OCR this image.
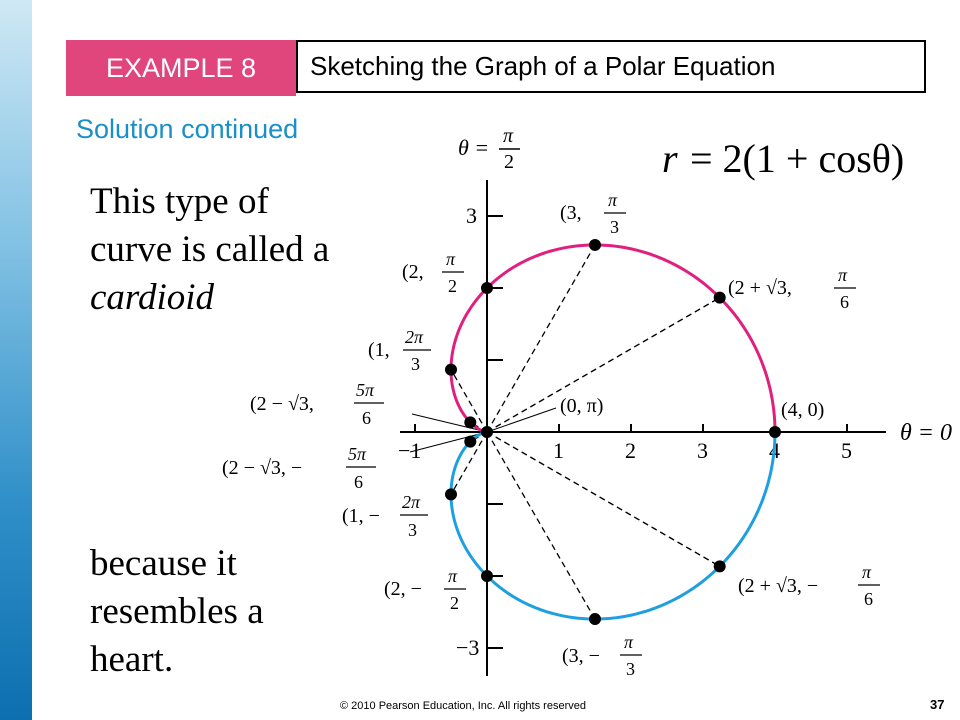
EXAMPLE 8	Sketching the Graph of a Polar Equation
Solution continued
This type of
curve is called a
cardioid
because it
resembles a
heart.
r = 2(1 + cosθ)
−1	1	2	3	4	5
3
−3
θ = 0
θ = π
2
(4, 0)
(2 + √3,
π
6
(3,
π
3
(2,
π
2
(1,
2π
3
(2 − √3,
5π
6
(0, π)
(2 − √3, −
5π
6
(1, −
2π
3
(2, −
π
2
(3, −
π
3
(2 + √3, −
π
6
© 2010 Pearson Education, Inc. All rights reserved	37
